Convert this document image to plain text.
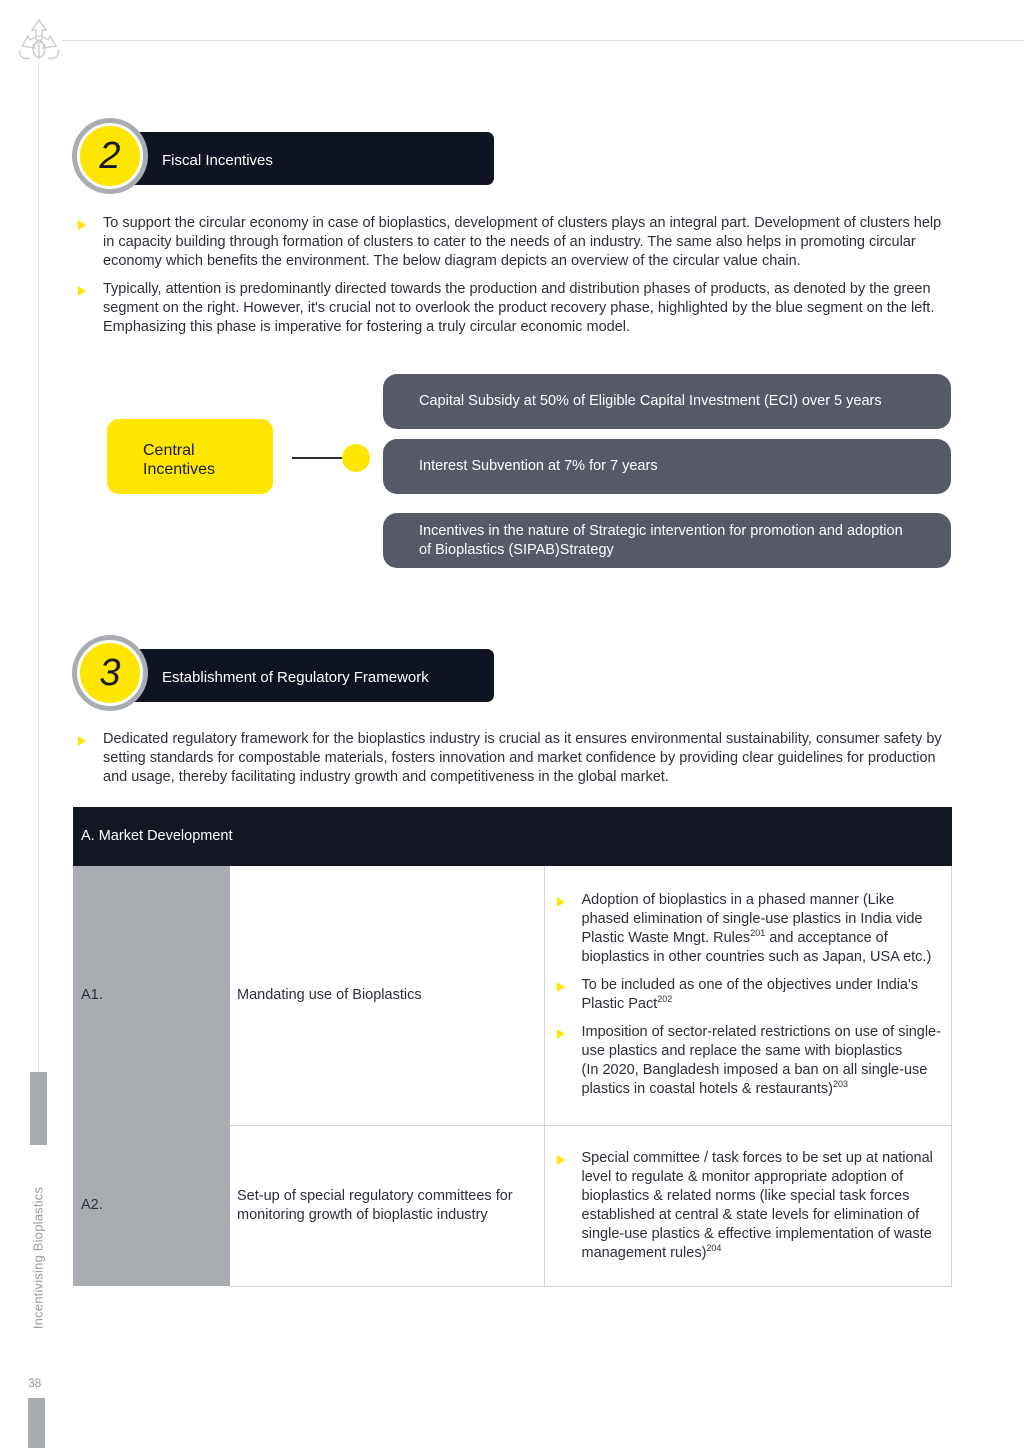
Incentivising Bioplastics
38
Fiscal Incentives
2
To support the circular economy in case of bioplastics, development of clusters plays an integral part. Development of clusters help in capacity building through formation of clusters to cater to the needs of an industry. The same also helps in promoting circular economy which benefits the environment. The below diagram depicts an overview of the circular value chain.
Typically, attention is predominantly directed towards the production and distribution phases of products, as denoted by the green segment on the right. However, it's crucial not to overlook the product recovery phase, highlighted by the blue segment on the left. Emphasizing this phase is imperative for fostering a truly circular economic model.
Central
Incentives
Capital Subsidy at 50% of Eligible Capital Investment (ECI) over 5 years
Interest Subvention at 7% for 7 years
Incentives in the nature of Strategic intervention for promotion and adoption of Bioplastics (SIPAB)Strategy
Establishment of Regulatory Framework
3
Dedicated regulatory framework for the bioplastics industry is crucial as it ensures environmental sustainability, consumer safety by setting standards for compostable materials, fosters innovation and market confidence by providing clear guidelines for production and usage, thereby facilitating industry growth and competitiveness in the global market.
A. Market Development		
A1.	Mandating use of Bioplastics	Adoption of bioplastics in a phased manner (Like phased elimination of single-use plastics in India vide Plastic Waste Mngt. Rules$^{201}$ and acceptance of bioplastics in other countries such as Japan, USA etc.)
To be included as one of the objectives under India's Plastic Pact$^{202}$

Imposition of sector-related restrictions on use of single-use plastics and replace the same with bioplastics

(In 2020, Bangladesh imposed a ban on all single-use plastics in coastal hotels & restaurants)$^{203}$

A2.	Set-up of special regulatory committees for monitoring growth of bioplastic industry	Special committee / task forces to be set up at national level to regulate & monitor appropriate adoption of bioplastics & related norms (like special task forces established at central & state levels for elimination of single-use plastics & effective implementation of waste management rules)$^{204}$
